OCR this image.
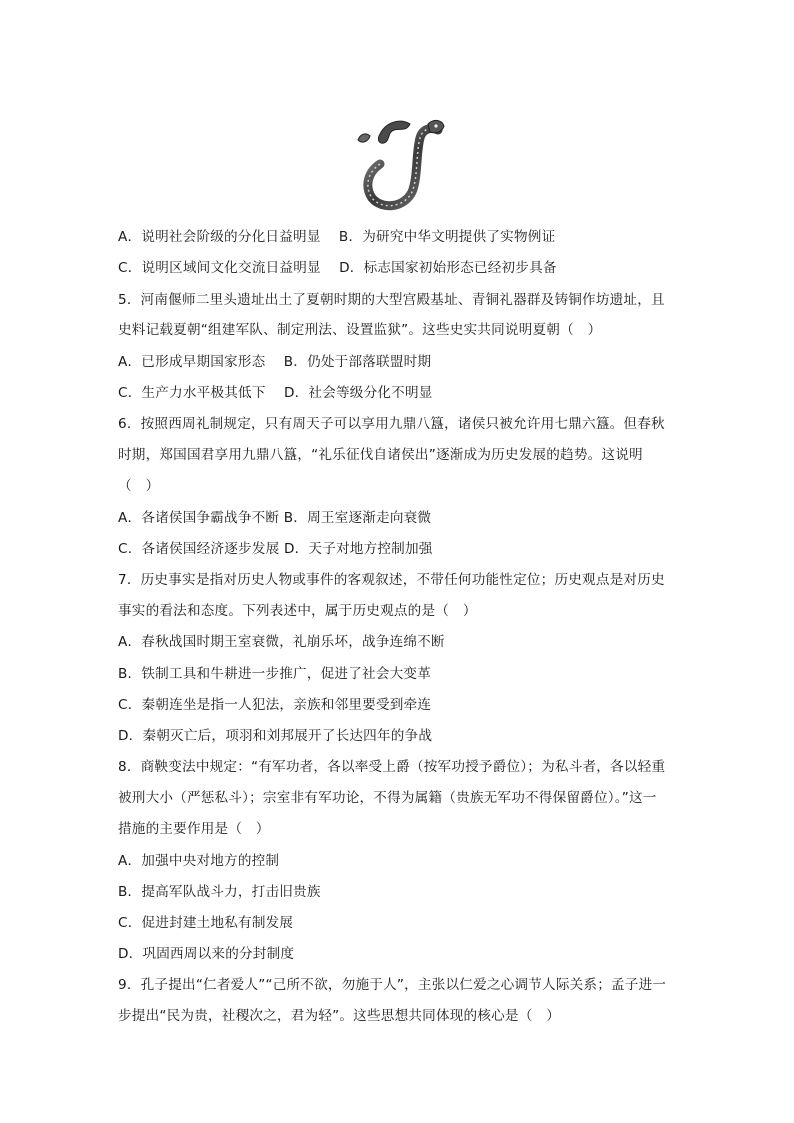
A．说明社会阶级的分化日益明显　 B．为研究中华文明提供了实物例证
C．说明区域间文化交流日益明显　 D．标志国家初始形态已经初步具备
5．河南偃师二里头遗址出土了夏朝时期的大型宫殿基址、青铜礼器群及铸铜作坊遗址，且
史料记载夏朝“组建军队、制定刑法、设置监狱”。这些史实共同说明夏朝（　）
A．已形成早期国家形态　 B．仍处于部落联盟时期
C．生产力水平极其低下　 D．社会等级分化不明显
6．按照西周礼制规定，只有周天子可以享用九鼎八簋，诸侯只被允许用七鼎六簋。但春秋
时期，郑国国君享用九鼎八簋，“礼乐征伐自诸侯出”逐渐成为历史发展的趋势。这说明
（　）
A．各诸侯国争霸战争不断 B．周王室逐渐走向衰微
C．各诸侯国经济逐步发展 D．天子对地方控制加强
7．历史事实是指对历史人物或事件的客观叙述，不带任何功能性定位；历史观点是对历史
事实的看法和态度。下列表述中，属于历史观点的是（　）
A．春秋战国时期王室衰微，礼崩乐坏，战争连绵不断
B．铁制工具和牛耕进一步推广，促进了社会大变革
C．秦朝连坐是指一人犯法，亲族和邻里要受到牵连
D．秦朝灭亡后，项羽和刘邦展开了长达四年的争战
8．商鞅变法中规定：“有军功者，各以率受上爵（按军功授予爵位）；为私斗者，各以轻重
被刑大小（严惩私斗）；宗室非有军功论，不得为属籍（贵族无军功不得保留爵位）。”这一
措施的主要作用是（　）
A．加强中央对地方的控制
B．提高军队战斗力，打击旧贵族
C．促进封建土地私有制发展
D．巩固西周以来的分封制度
9．孔子提出“仁者爱人”“己所不欲，勿施于人”，主张以仁爱之心调节人际关系；孟子进一
步提出“民为贵，社稷次之，君为轻”。这些思想共同体现的核心是（　）
